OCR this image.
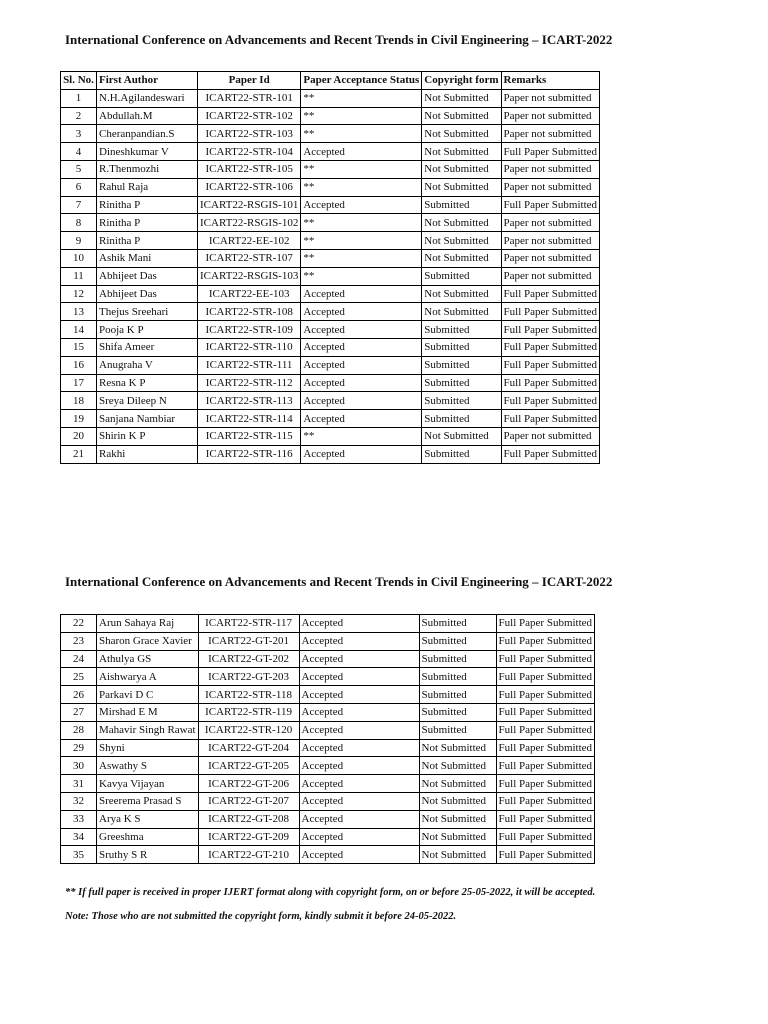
International Conference on Advancements and Recent Trends in Civil Engineering – ICART-2022
Sl. No.	First Author	Paper Id	Paper Acceptance Status	Copyright form	Remarks
1	N.H.Agilandeswari	ICART22-STR-101	**	Not Submitted	Paper not submitted
2	Abdullah.M	ICART22-STR-102	**	Not Submitted	Paper not submitted
3	Cheranpandian.S	ICART22-STR-103	**	Not Submitted	Paper not submitted
4	Dineshkumar V	ICART22-STR-104	Accepted	Not Submitted	Full Paper Submitted
5	R.Thenmozhi	ICART22-STR-105	**	Not Submitted	Paper not submitted
6	Rahul Raja	ICART22-STR-106	**	Not Submitted	Paper not submitted
7	Rinitha P	ICART22-RSGIS-101	Accepted	Submitted	Full Paper Submitted
8	Rinitha P	ICART22-RSGIS-102	**	Not Submitted	Paper not submitted
9	Rinitha P	ICART22-EE-102	**	Not Submitted	Paper not submitted
10	Ashik Mani	ICART22-STR-107	**	Not Submitted	Paper not submitted
11	Abhijeet Das	ICART22-RSGIS-103	**	Submitted	Paper not submitted
12	Abhijeet Das	ICART22-EE-103	Accepted	Not Submitted	Full Paper Submitted
13	Thejus Sreehari	ICART22-STR-108	Accepted	Not Submitted	Full Paper Submitted
14	Pooja K P	ICART22-STR-109	Accepted	Submitted	Full Paper Submitted
15	Shifa Ameer	ICART22-STR-110	Accepted	Submitted	Full Paper Submitted
16	Anugraha V	ICART22-STR-111	Accepted	Submitted	Full Paper Submitted
17	Resna K P	ICART22-STR-112	Accepted	Submitted	Full Paper Submitted
18	Sreya Dileep N	ICART22-STR-113	Accepted	Submitted	Full Paper Submitted
19	Sanjana Nambiar	ICART22-STR-114	Accepted	Submitted	Full Paper Submitted
20	Shirin K P	ICART22-STR-115	**	Not Submitted	Paper not submitted
21	Rakhi	ICART22-STR-116	Accepted	Submitted	Full Paper Submitted
International Conference on Advancements and Recent Trends in Civil Engineering – ICART-2022
22	Arun Sahaya Raj	ICART22-STR-117	Accepted	Submitted	Full Paper Submitted
23	Sharon Grace Xavier	ICART22-GT-201	Accepted	Submitted	Full Paper Submitted
24	Athulya GS	ICART22-GT-202	Accepted	Submitted	Full Paper Submitted
25	Aishwarya A	ICART22-GT-203	Accepted	Submitted	Full Paper Submitted
26	Parkavi D C	ICART22-STR-118	Accepted	Submitted	Full Paper Submitted
27	Mirshad E M	ICART22-STR-119	Accepted	Submitted	Full Paper Submitted
28	Mahavir Singh Rawat	ICART22-STR-120	Accepted	Submitted	Full Paper Submitted
29	Shyni	ICART22-GT-204	Accepted	Not Submitted	Full Paper Submitted
30	Aswathy S	ICART22-GT-205	Accepted	Not Submitted	Full Paper Submitted
31	Kavya Vijayan	ICART22-GT-206	Accepted	Not Submitted	Full Paper Submitted
32	Sreerema Prasad S	ICART22-GT-207	Accepted	Not Submitted	Full Paper Submitted
33	Arya K S	ICART22-GT-208	Accepted	Not Submitted	Full Paper Submitted
34	Greeshma	ICART22-GT-209	Accepted	Not Submitted	Full Paper Submitted
35	Sruthy S R	ICART22-GT-210	Accepted	Not Submitted	Full Paper Submitted
** If full paper is received in proper IJERT format along with copyright form, on or before 25-05-2022, it will be accepted.
Note: Those who are not submitted the copyright form, kindly submit it before 24-05-2022.
